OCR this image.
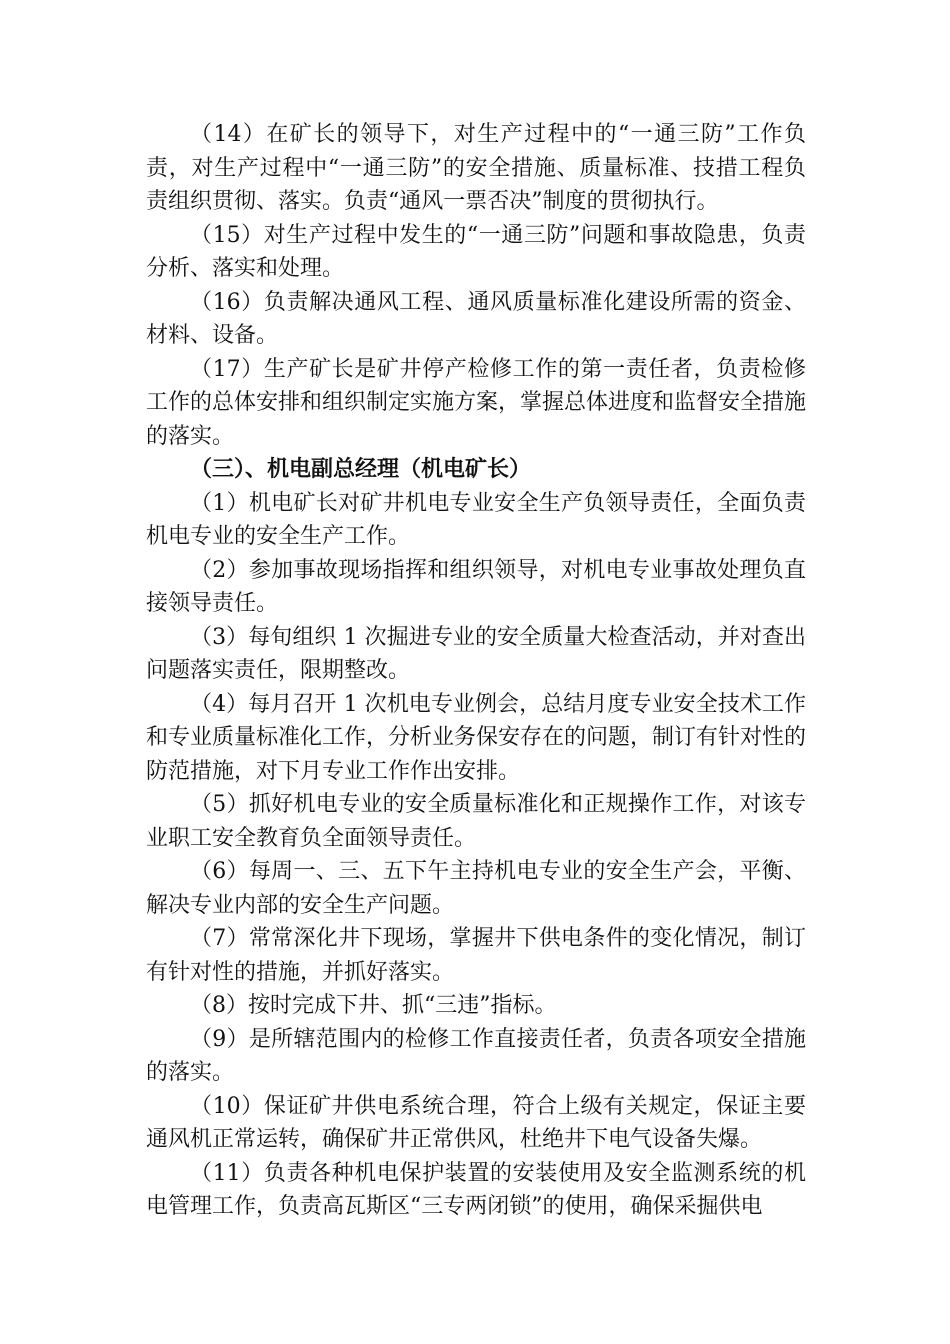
（14）在矿长的领导下，对生产过程中的“一通三防”工作负责，对生产过程中“一通三防”的安全措施、质量标准、技措工程负责组织贯彻、落实。负责“通风一票否决”制度的贯彻执行。

（15）对生产过程中发生的“一通三防”问题和事故隐患，负责分析、落实和处理。

（16）负责解决通风工程、通风质量标准化建设所需的资金、材料、设备。

（17）生产矿长是矿井停产检修工作的第一责任者，负责检修工作的总体安排和组织制定实施方案，掌握总体进度和监督安全措施的落实。

（三）、机电副总经理（机电矿长）

（1）机电矿长对矿井机电专业安全生产负领导责任，全面负责机电专业的安全生产工作。

（2）参加事故现场指挥和组织领导，对机电专业事故处理负直接领导责任。

（3）每旬组织 1 次掘进专业的安全质量大检查活动，并对查出问题落实责任，限期整改。

（4）每月召开 1 次机电专业例会，总结月度专业安全技术工作和专业质量标准化工作，分析业务保安存在的问题，制订有针对性的防范措施，对下月专业工作作出安排。

（5）抓好机电专业的安全质量标准化和正规操作工作，对该专业职工安全教育负全面领导责任。

（6）每周一、三、五下午主持机电专业的安全生产会，平衡、解决专业内部的安全生产问题。

（7）常常深化井下现场，掌握井下供电条件的变化情况，制订有针对性的措施，并抓好落实。

（8）按时完成下井、抓“三违”指标。

（9）是所辖范围内的检修工作直接责任者，负责各项安全措施的落实。

（10）保证矿井供电系统合理，符合上级有关规定，保证主要通风机正常运转，确保矿井正常供风，杜绝井下电气设备失爆。

（11）负责各种机电保护装置的安装使用及安全监测系统的机电管理工作，负责高瓦斯区“三专两闭锁”的使用，确保采掘供电
